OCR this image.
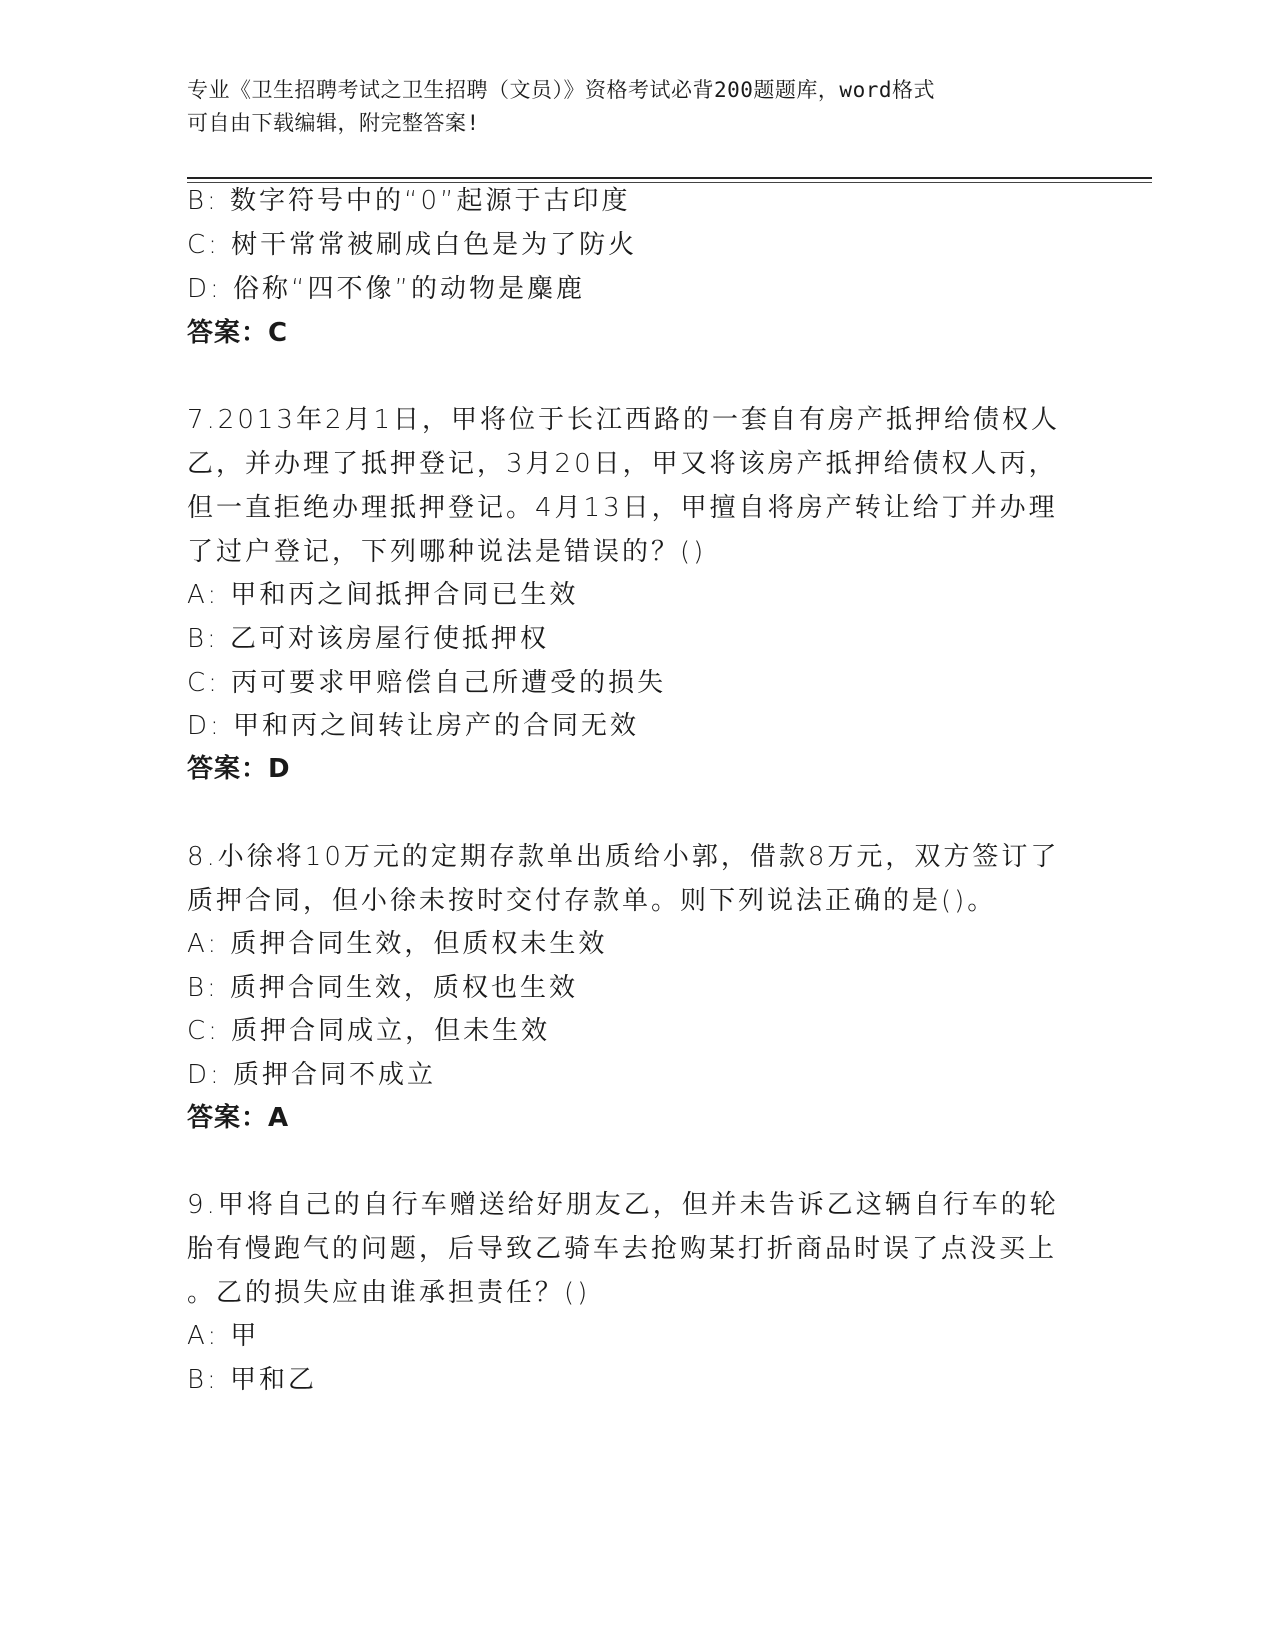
专业《卫生招聘考试之卫生招聘（文员）》资格考试必背200题题库，word格式
可自由下载编辑，附完整答案!

B: 数字符号中的“0”起源于古印度

C: 树干常常被刷成白色是为了防火

D: 俗称“四不像”的动物是麋鹿

答案：C

7.2013年2月1日，甲将位于长江西路的一套自有房产抵押给债权人

乙，并办理了抵押登记，3月20日，甲又将该房产抵押给债权人丙，

但一直拒绝办理抵押登记。4月13日，甲擅自将房产转让给丁并办理

了过户登记，下列哪种说法是错误的？()

A: 甲和丙之间抵押合同已生效

B: 乙可对该房屋行使抵押权

C: 丙可要求甲赔偿自己所遭受的损失

D: 甲和丙之间转让房产的合同无效

答案：D

8.小徐将10万元的定期存款单出质给小郭，借款8万元，双方签订了

质押合同，但小徐未按时交付存款单。则下列说法正确的是()。

A: 质押合同生效，但质权未生效

B: 质押合同生效，质权也生效

C: 质押合同成立，但未生效

D: 质押合同不成立

答案：A

9.甲将自己的自行车赠送给好朋友乙，但并未告诉乙这辆自行车的轮

胎有慢跑气的问题，后导致乙骑车去抢购某打折商品时误了点没买上

。乙的损失应由谁承担责任？()

A: 甲

B: 甲和乙
